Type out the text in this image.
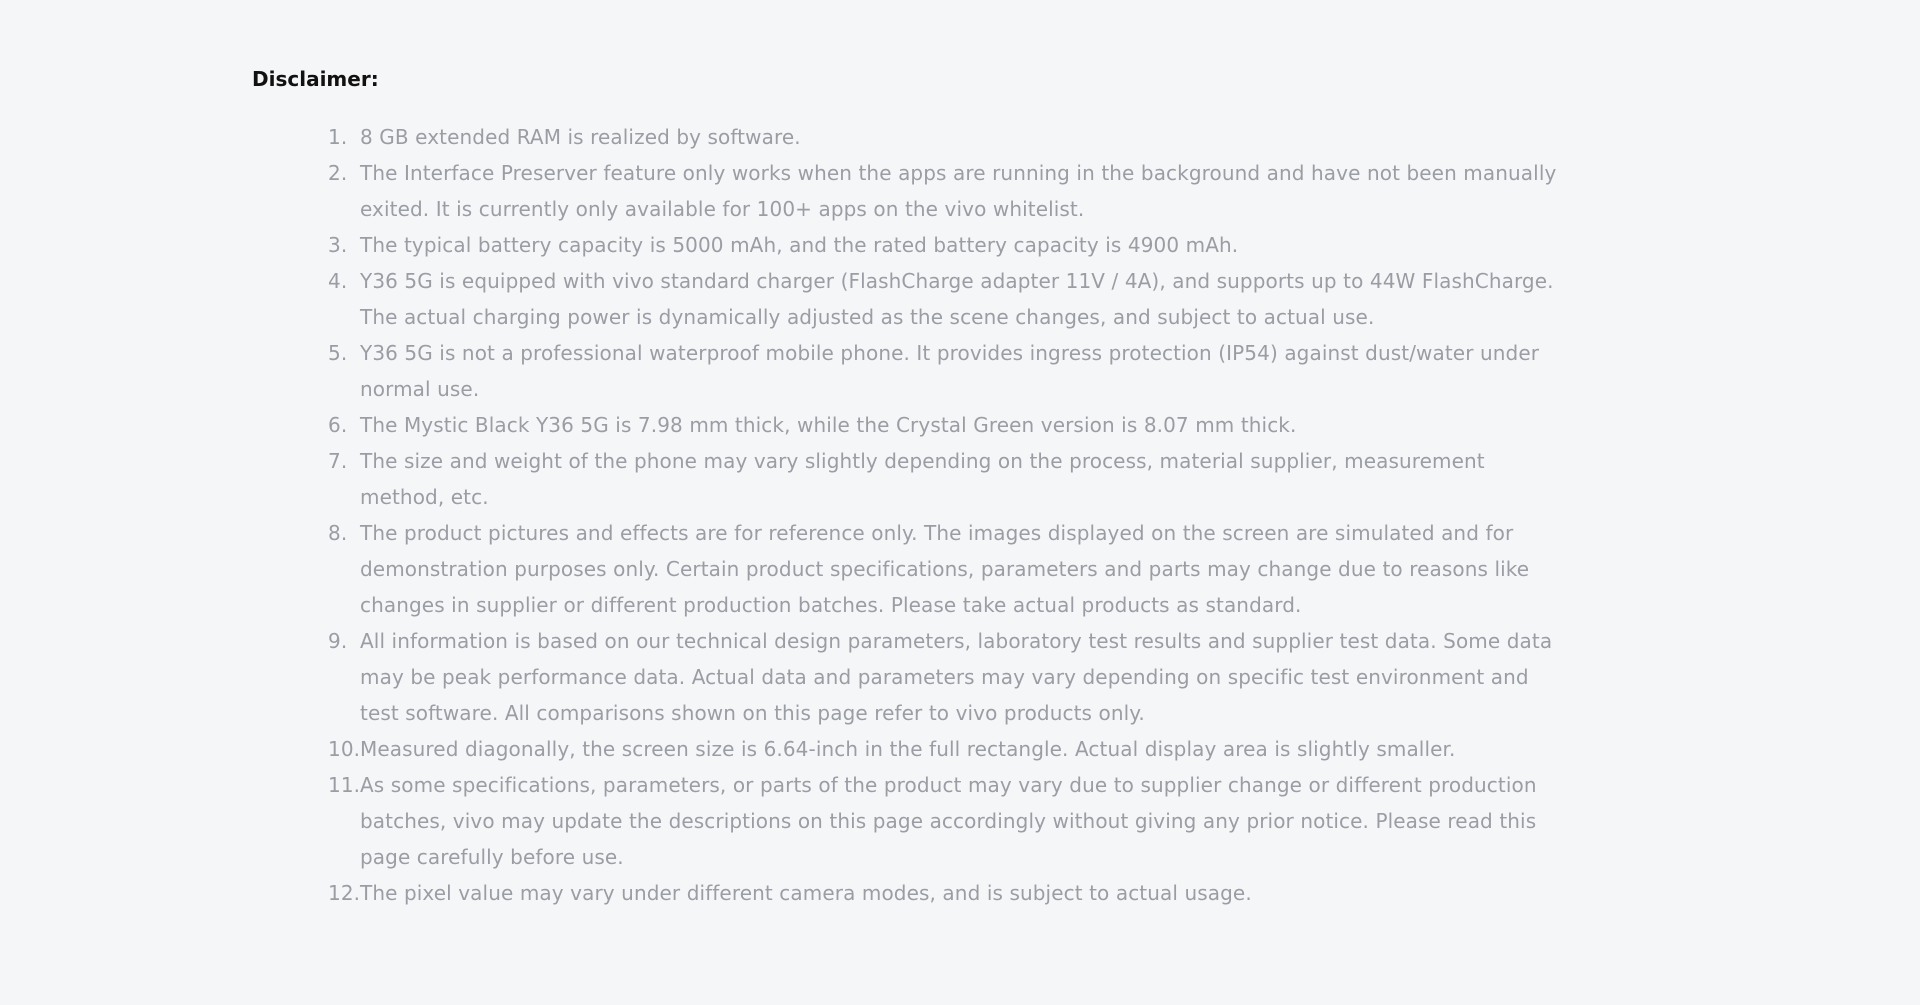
Disclaimer:
1. 8 GB extended RAM is realized by software.
2. The Interface Preserver feature only works when the apps are running in the background and have not been manually exited. It is currently only available for 100+ apps on the vivo whitelist.
3. The typical battery capacity is 5000 mAh, and the rated battery capacity is 4900 mAh.
4. Y36 5G is equipped with vivo standard charger (FlashCharge adapter 11V / 4A), and supports up to 44W FlashCharge. The actual charging power is dynamically adjusted as the scene changes, and subject to actual use.
5. Y36 5G is not a professional waterproof mobile phone. It provides ingress protection (IP54) against dust/water under normal use.
6. The Mystic Black Y36 5G is 7.98 mm thick, while the Crystal Green version is 8.07 mm thick.
7. The size and weight of the phone may vary slightly depending on the process, material supplier, measurement method, etc.
8. The product pictures and effects are for reference only. The images displayed on the screen are simulated and for demonstration purposes only. Certain product specifications, parameters and parts may change due to reasons like changes in supplier or different production batches. Please take actual products as standard.
9. All information is based on our technical design parameters, laboratory test results and supplier test data. Some data may be peak performance data. Actual data and parameters may vary depending on specific test environment and test software. All comparisons shown on this page refer to vivo products only.
10. Measured diagonally, the screen size is 6.64-inch in the full rectangle. Actual display area is slightly smaller.
11. As some specifications, parameters, or parts of the product may vary due to supplier change or different production batches, vivo may update the descriptions on this page accordingly without giving any prior notice. Please read this page carefully before use.
12. The pixel value may vary under different camera modes, and is subject to actual usage.
